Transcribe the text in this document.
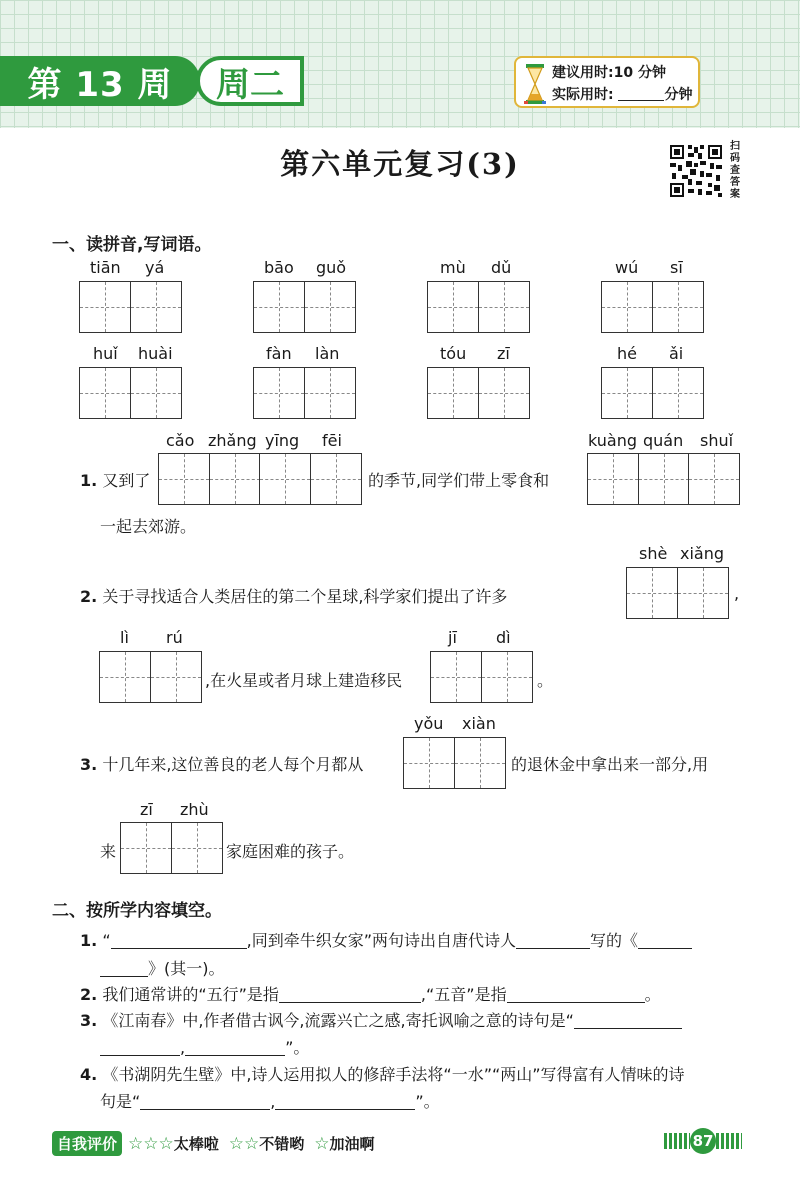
第 13 周 周二	建议用时:10 分钟
实际用时:	分钟
第六单元复习(3)
扫
码
查
答
案
一、读拼音,写词语。
tiān yá	bāo guǒ	mù dǔ	wú sī
huǐ huài	fàn làn	tóu zī	hé ǎi
cǎo zhǎng yīng fēi
1. 又到了	的季节,同学们带上零食和
kuàng quán shuǐ
一起去郊游。
shè xiǎng
2. 关于寻找适合人类居住的第二个星球,科学家们提出了许多	,
lì rú
,在火星或者月球上建造移民
jī dì
。
yǒu xiàn
3. 十几年来,这位善良的老人每个月都从	的退休金中拿出来一部分,用
zī zhù
来	家庭困难的孩子。
二、按所学内容填空。
1. “	,同到牵牛织女家”两句诗出自唐代诗人	写的《
》(其一)。
2. 我们通常讲的“五行”是指	,“五音”是指	。
3. 《江南春》中,作者借古讽今,流露兴亡之感,寄托讽喻之意的诗句是“
,	”。
4. 《书湖阴先生壁》中,诗人运用拟人的修辞手法将“一水”“两山”写得富有人情味的诗
句是“	,	”。
自我评价 ☆ ☆ ☆ 太棒啦 ☆ ☆ 不错哟 ☆ 加油啊	87
